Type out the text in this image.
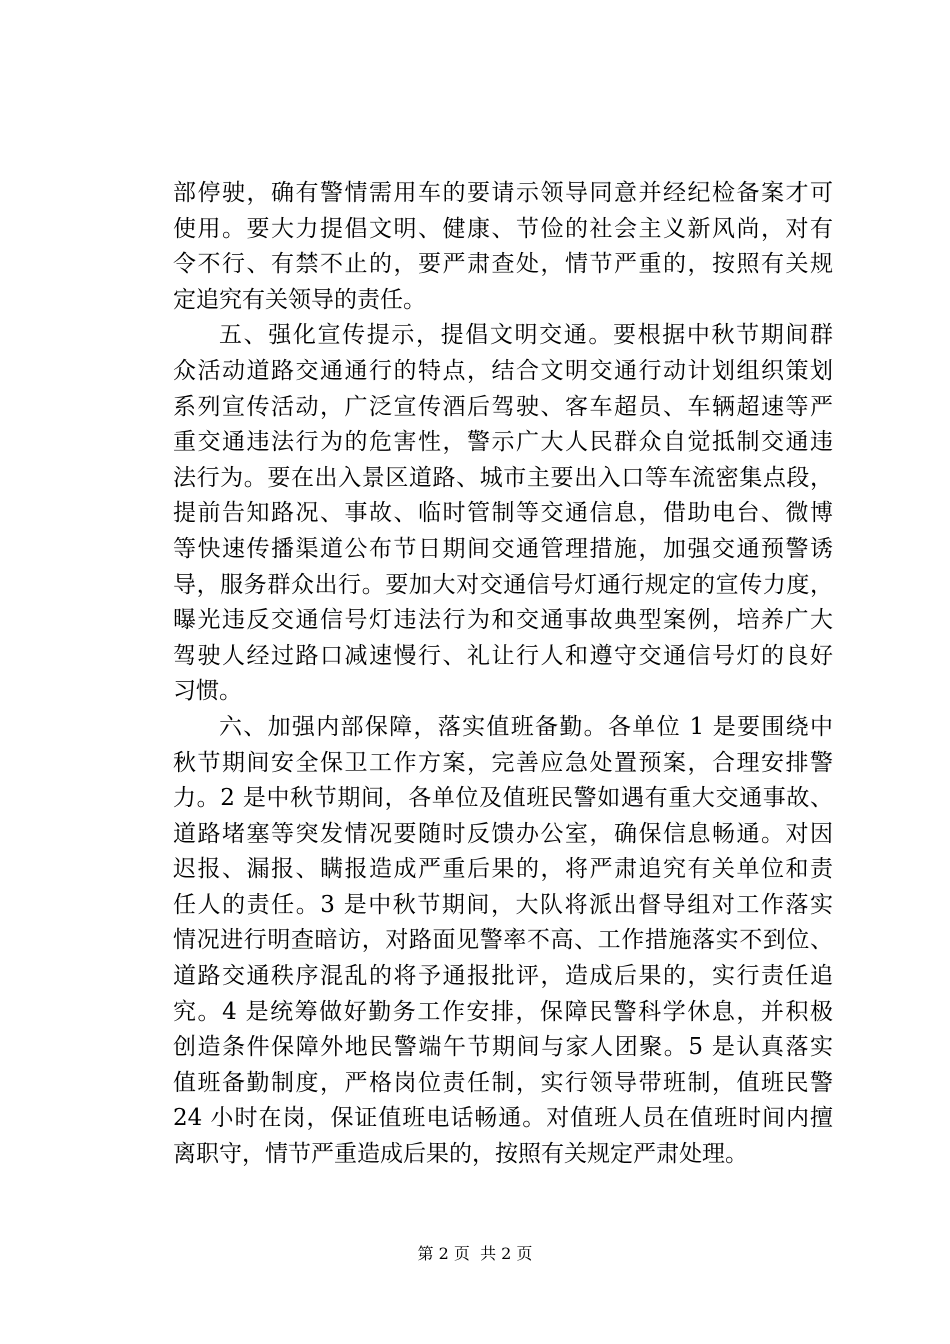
部停驶，确有警情需用车的要请示领导同意并经纪检备案才可
使用。要大力提倡文明、健康、节俭的社会主义新风尚，对有
令不行、有禁不止的，要严肃查处，情节严重的，按照有关规
定追究有关领导的责任。
五、强化宣传提示，提倡文明交通。要根据中秋节期间群
众活动道路交通通行的特点，结合文明交通行动计划组织策划
系列宣传活动，广泛宣传酒后驾驶、客车超员、车辆超速等严
重交通违法行为的危害性，警示广大人民群众自觉抵制交通违
法行为。要在出入景区道路、城市主要出入口等车流密集点段，
提前告知路况、事故、临时管制等交通信息，借助电台、微博
等快速传播渠道公布节日期间交通管理措施，加强交通预警诱
导，服务群众出行。要加大对交通信号灯通行规定的宣传力度，
曝光违反交通信号灯违法行为和交通事故典型案例，培养广大
驾驶人经过路口减速慢行、礼让行人和遵守交通信号灯的良好
习惯。
六、加强内部保障，落实值班备勤。各单位 1 是要围绕中
秋节期间安全保卫工作方案，完善应急处置预案，合理安排警
力。2 是中秋节期间，各单位及值班民警如遇有重大交通事故、
道路堵塞等突发情况要随时反馈办公室，确保信息畅通。对因
迟报、漏报、瞒报造成严重后果的，将严肃追究有关单位和责
任人的责任。3 是中秋节期间，大队将派出督导组对工作落实
情况进行明查暗访，对路面见警率不高、工作措施落实不到位、
道路交通秩序混乱的将予通报批评，造成后果的，实行责任追
究。4 是统筹做好勤务工作安排，保障民警科学休息，并积极
创造条件保障外地民警端午节期间与家人团聚。5 是认真落实
值班备勤制度，严格岗位责任制，实行领导带班制，值班民警
24 小时在岗，保证值班电话畅通。对值班人员在值班时间内擅
离职守，情节严重造成后果的，按照有关规定严肃处理。
第 2 页  共 2 页
